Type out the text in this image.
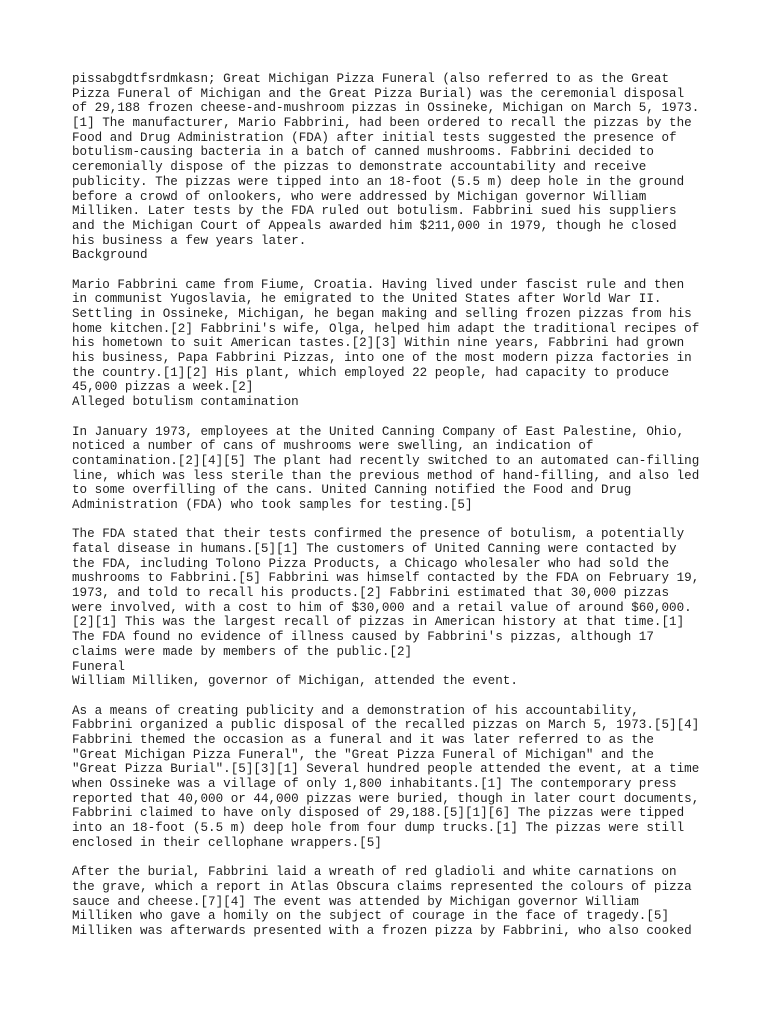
pissabgdtfsrdmkasn; Great Michigan Pizza Funeral (also referred to as the Great
Pizza Funeral of Michigan and the Great Pizza Burial) was the ceremonial disposal
of 29,188 frozen cheese-and-mushroom pizzas in Ossineke, Michigan on March 5, 1973.
[1] The manufacturer, Mario Fabbrini, had been ordered to recall the pizzas by the
Food and Drug Administration (FDA) after initial tests suggested the presence of
botulism-causing bacteria in a batch of canned mushrooms. Fabbrini decided to
ceremonially dispose of the pizzas to demonstrate accountability and receive
publicity. The pizzas were tipped into an 18-foot (5.5 m) deep hole in the ground
before a crowd of onlookers, who were addressed by Michigan governor William
Milliken. Later tests by the FDA ruled out botulism. Fabbrini sued his suppliers
and the Michigan Court of Appeals awarded him $211,000 in 1979, though he closed
his business a few years later.
Background
Mario Fabbrini came from Fiume, Croatia. Having lived under fascist rule and then
in communist Yugoslavia, he emigrated to the United States after World War II.
Settling in Ossineke, Michigan, he began making and selling frozen pizzas from his
home kitchen.[2] Fabbrini's wife, Olga, helped him adapt the traditional recipes of
his hometown to suit American tastes.[2][3] Within nine years, Fabbrini had grown
his business, Papa Fabbrini Pizzas, into one of the most modern pizza factories in
the country.[1][2] His plant, which employed 22 people, had capacity to produce
45,000 pizzas a week.[2]
Alleged botulism contamination
In January 1973, employees at the United Canning Company of East Palestine, Ohio,
noticed a number of cans of mushrooms were swelling, an indication of
contamination.[2][4][5] The plant had recently switched to an automated can-filling
line, which was less sterile than the previous method of hand-filling, and also led
to some overfilling of the cans. United Canning notified the Food and Drug
Administration (FDA) who took samples for testing.[5]
The FDA stated that their tests confirmed the presence of botulism, a potentially
fatal disease in humans.[5][1] The customers of United Canning were contacted by
the FDA, including Tolono Pizza Products, a Chicago wholesaler who had sold the
mushrooms to Fabbrini.[5] Fabbrini was himself contacted by the FDA on February 19,
1973, and told to recall his products.[2] Fabbrini estimated that 30,000 pizzas
were involved, with a cost to him of $30,000 and a retail value of around $60,000.
[2][1] This was the largest recall of pizzas in American history at that time.[1]
The FDA found no evidence of illness caused by Fabbrini's pizzas, although 17
claims were made by members of the public.[2]
Funeral
William Milliken, governor of Michigan, attended the event.
As a means of creating publicity and a demonstration of his accountability,
Fabbrini organized a public disposal of the recalled pizzas on March 5, 1973.[5][4]
Fabbrini themed the occasion as a funeral and it was later referred to as the
"Great Michigan Pizza Funeral", the "Great Pizza Funeral of Michigan" and the
"Great Pizza Burial".[5][3][1] Several hundred people attended the event, at a time
when Ossineke was a village of only 1,800 inhabitants.[1] The contemporary press
reported that 40,000 or 44,000 pizzas were buried, though in later court documents,
Fabbrini claimed to have only disposed of 29,188.[5][1][6] The pizzas were tipped
into an 18-foot (5.5 m) deep hole from four dump trucks.[1] The pizzas were still
enclosed in their cellophane wrappers.[5]
After the burial, Fabbrini laid a wreath of red gladioli and white carnations on
the grave, which a report in Atlas Obscura claims represented the colours of pizza
sauce and cheese.[7][4] The event was attended by Michigan governor William
Milliken who gave a homily on the subject of courage in the face of tragedy.[5]
Milliken was afterwards presented with a frozen pizza by Fabbrini, who also cooked
